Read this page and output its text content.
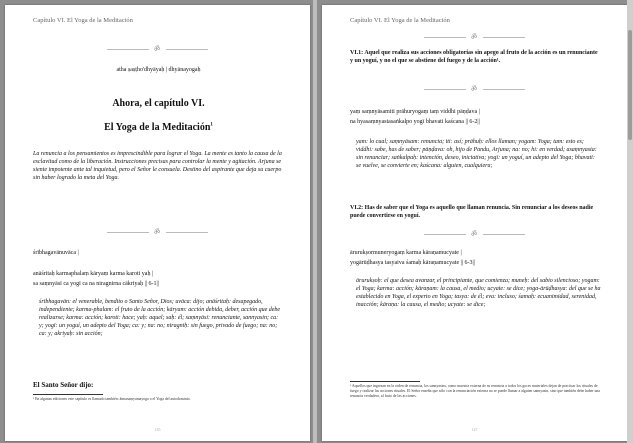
Capítulo VI. El Yoga de la Meditación
ॐ
atha ṣaṣṭho'dhyāyaḥ | dhyānayogaḥ
Ahora, el capítulo VI.
El Yoga de la Meditación$^1$
La renuncia a los pensamientos es imprescindible para lograr el Yoga. La mente es tanto la causa de la esclavitud como de la liberación. Instrucciones precisas para controlar la mente y agitación. Arjuna se siente impotente ante tal inquietud, pero el Señor le consuela. Destino del aspirante que deja su cuerpo sin haber logrado la meta del Yoga.
ॐ
śrībhagavānuvāca |
anāśritaḥ karmaphalaṃ kāryaṃ karma karoti yaḥ |
sa saṃnyāsī ca yogī ca na niragnirna cākriyaḥ || 6-1||
śrībhagavān: el venerable, bendito o Santo Señor, Dios; uvāca: dijo; anāśritaḥ: desapegado, independiente; karma-phalam: el fruto de la acción; kāryam: acción debida, deber, acción que debe realizarse; karma: acción; karoti: hace; yaḥ: aquel; saḥ: él; saṃnyāsī: renunciante, sannyasin; ca: y; yogī: un yoguí, un adepto del Yoga; ca: y; na: no; niragniḥ: sin fuego, privado de fuego; na: no; ca: y; akriyaḥ: sin acción;
El Santo Señor dijo:
¹ En algunas ediciones este capítulo es llamado también: ātmasaṃyamayoga o el Yoga del autodominio.
145
Capítulo VI. El Yoga de la Meditación
ॐ
VI.1: Aquel que realiza sus acciones obligatorias sin apego al fruto de la acción es un renunciante y un yoguí, y no el que se abstiene del fuego y de la acción¹.
ॐ
yaṃ saṃnyāsamiti prāhuryogaṃ taṃ viddhi pāṇḍava |
na hyasaṃnyastasaṅkalpo yogī bhavati kaścana || 6-2||
yam: lo cual; saṃnyāsam: renuncia; iti: así; prāhuḥ: ellos llaman; yogam: Yoga; tam: esto es; viddhi: sabe, has de saber; pāṇḍava: oh, hijo de Pandu, Arjuna; na: no; hi: en verdad; asaṃnyasta: sin renunciar; saṅkalpaḥ: intención, deseo, iniciativa; yogī: un yoguí, un adepto del Yoga; bhavati: se vuelve, se convierte en; kaścana: alguien, cualquiera;
VI.2: Has de saber que el Yoga es aquello que llaman renuncia. Sin renunciar a los deseos nadie puede convertirse en yoguí.
ॐ
ārurukṣormuneryogaṃ karma kāraṇamucyate |
yogārūḍhasya tasyaiva śamaḥ kāraṇamucyate || 6-3||
ārurukṣoḥ: el que desea avanzar, el principiante, que comienza; muneḥ: del sabio silencioso; yogam: el Yoga; karma: acción; kāraṇam: la causa, el medio; ucyate: se dice; yoga-ārūḍhasya: del que se ha establecido en Yoga, el experto en Yoga; tasya: de él; eva: incluso; śamaḥ: ecuanimidad, serenidad, inacción; kāraṇa: la causa, el medio; ucyate: se dice;
¹ Aquellos que ingresan en la orden de renuncia, los sannyasins, como muestra externa de su renuncia a todos los goces materiales dejan de practicar los rituales de fuego y realizar las acciones rituales. El Señor enseña que sólo con la renunciación externa no se puede llamar a alguien sannyasin, sino que también debe haber una renuncia verdadera, al fruto de las acciones.
147
